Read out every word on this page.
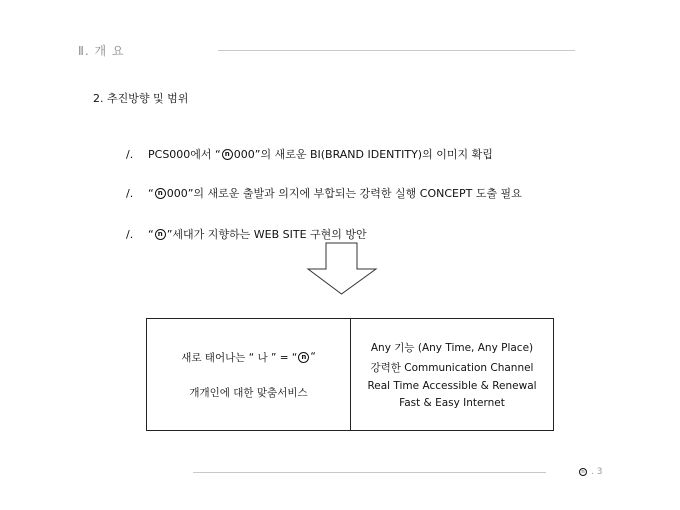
Ⅱ. 개 요
2. 추진방향 및 범위
/.	PCS000에서 “ n 000”의 새로운 BI(BRAND IDENTITY)의 이미지 확립
/.	“ n 000”의 새로운 출발과 의지에 부합되는 강력한 실행 CONCEPT 도출 필요
/.	“ n ”세대가 지향하는 WEB SITE 구현의 방안
새로 태어나는 “ 나 ” = “ n “
개개인에 대한 맞춤서비스
Any 기능 (Any Time, Any Place)
강력한 Communication Channel
Real Time Accessible & Renewal
Fast & Easy Internet
n . 3
